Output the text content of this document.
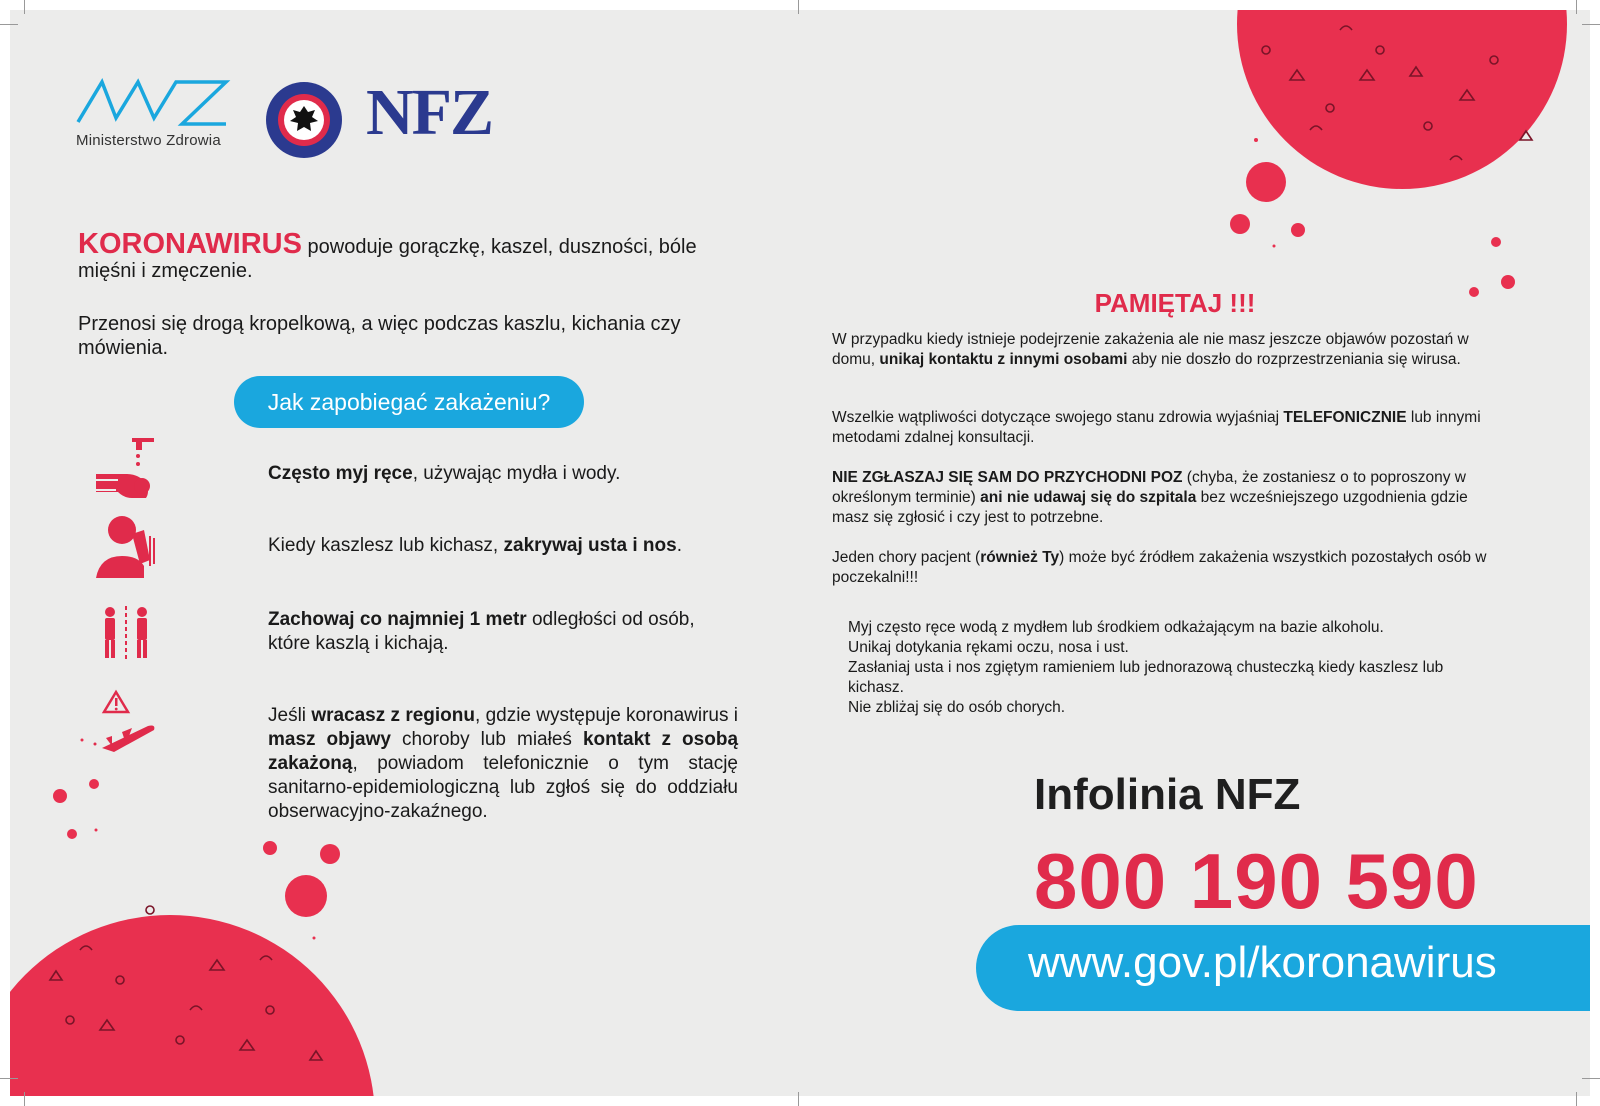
Ministerstwo Zdrowia NFZ
KORONAWIRUS powoduje gorączkę, kaszel, duszności, bóle mięśni i zmęczenie.
Przenosi się drogą kropelkową, a więc podczas kaszlu, kichania czy mówienia.
Jak zapobiegać zakażeniu?
Często myj ręce, używając mydła i wody.
Kiedy kaszlesz lub kichasz, zakrywaj usta i nos.
Zachowaj co najmniej 1 metr odległości od osób, które kaszlą i kichają.
Jeśli wracasz z regionu, gdzie występuje koronawirus i masz objawy choroby lub miałeś kontakt z osobą zakażoną, powiadom telefonicznie o tym stację sanitarno-epidemiologiczną lub zgłoś się do oddziału obserwacyjno-zakaźnego.
PAMIĘTAJ !!!
W przypadku kiedy istnieje podejrzenie zakażenia ale nie masz jeszcze objawów pozostań w domu, unikaj kontaktu z innymi osobami aby nie doszło do rozprzestrzeniania się wirusa.
Wszelkie wątpliwości dotyczące swojego stanu zdrowia wyjaśniaj TELEFONICZNIE lub innymi metodami zdalnej konsultacji.
NIE ZGŁASZAJ SIĘ SAM DO PRZYCHODNI POZ (chyba, że zostaniesz o to poproszony w określonym terminie) ani nie udawaj się do szpitala bez wcześniejszego uzgodnienia gdzie masz się zgłosić i czy jest to potrzebne.
Jeden chory pacjent (również Ty) może być źródłem zakażenia wszystkich pozostałych osób w poczekalni!!!
Myj często ręce wodą z mydłem lub środkiem odkażającym na bazie alkoholu.
Unikaj dotykania rękami oczu, nosa i ust.
Zasłaniaj usta i nos zgiętym ramieniem lub jednorazową chusteczką kiedy kaszlesz lub kichasz.
Nie zbliżaj się do osób chorych.
Infolinia NFZ
800 190 590
www.gov.pl/koronawirus
